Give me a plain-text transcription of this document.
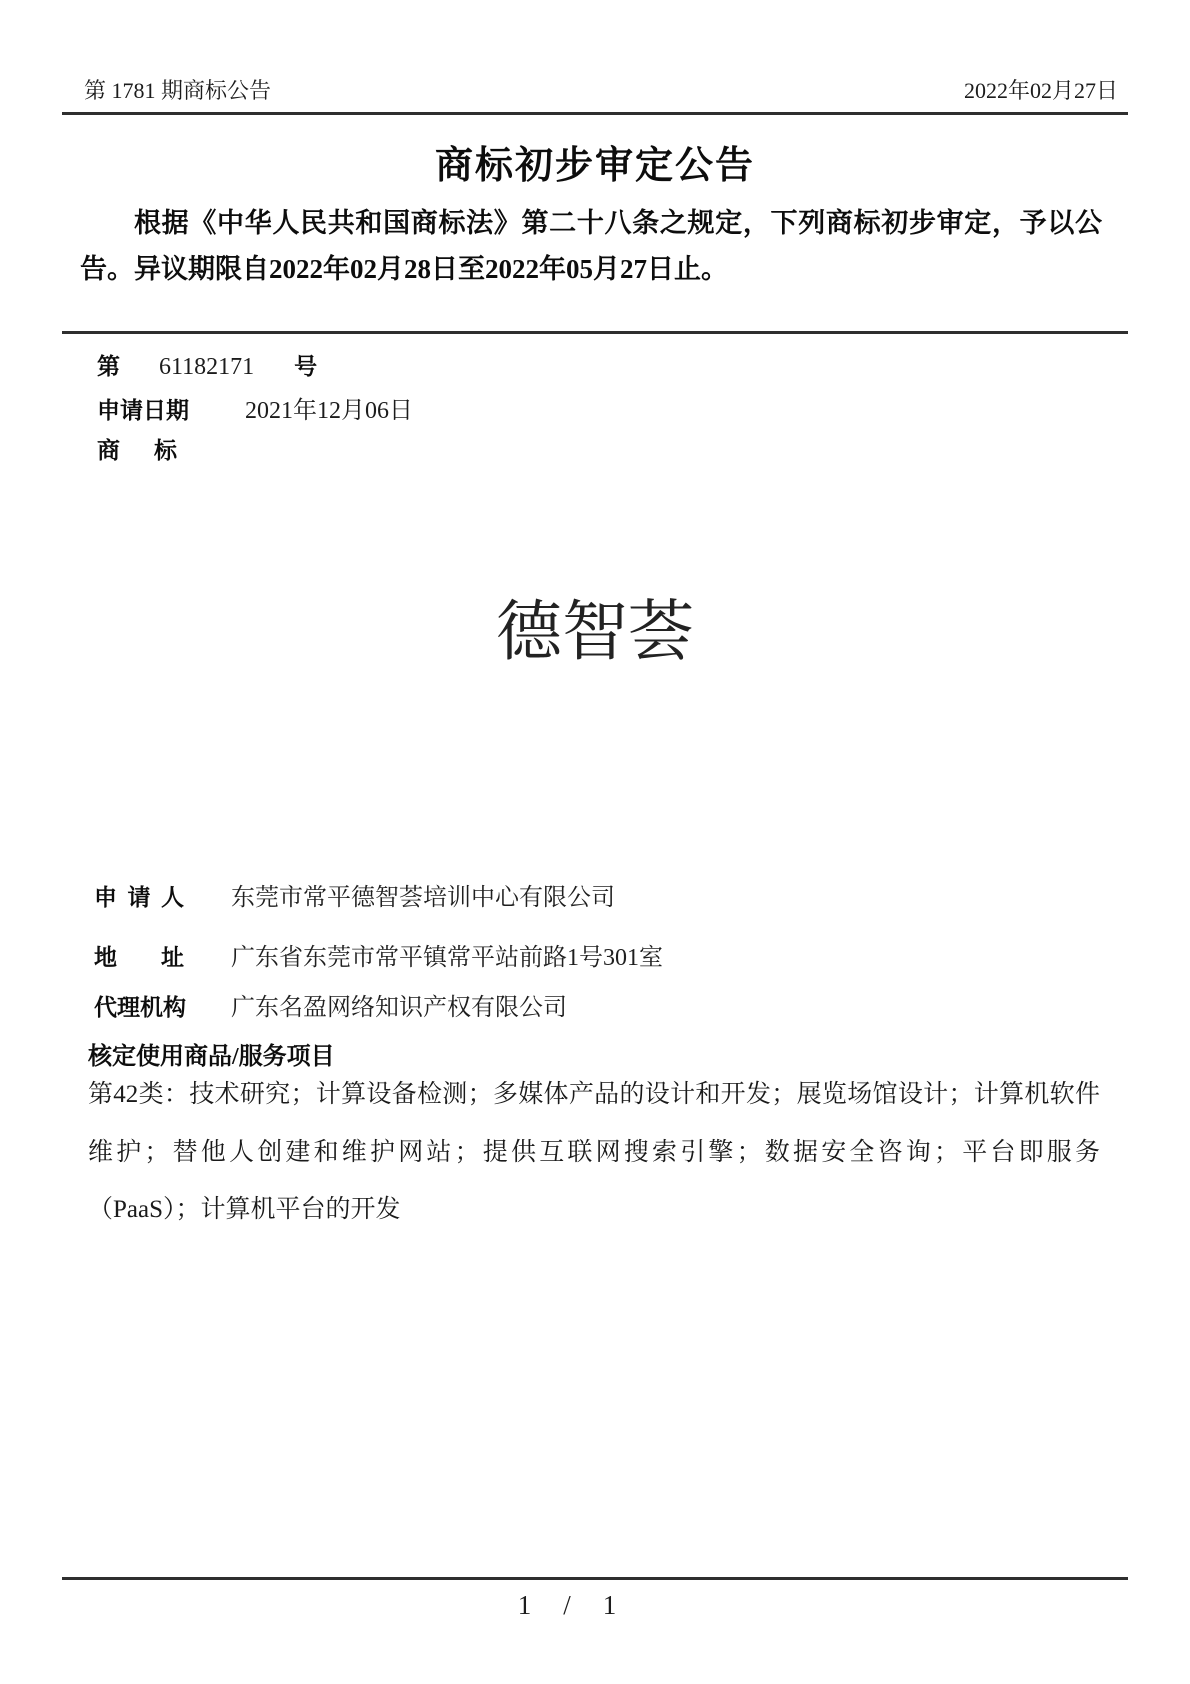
第 1781 期商标公告	2022年02月27日
商标初步审定公告
根据《中华人民共和国商标法》第二十八条之规定，下列商标初步审定，予以公告。异议期限自2022年02月28日至2022年05月27日止。
第 61182171 号
申请日期 2021年12月06日
商标
德智荟
申请人 东莞市常平德智荟培训中心有限公司
地址 广东省东莞市常平镇常平站前路1号301室
代理机构 广东名盈网络知识产权有限公司
核定使用商品/服务项目
第42类：技术研究；计算设备检测；多媒体产品的设计和开发；展览场馆设计；计算机软件维护；替他人创建和维护网站；提供互联网搜索引擎；数据安全咨询；平台即服务（PaaS）；计算机平台的开发
1 / 1
